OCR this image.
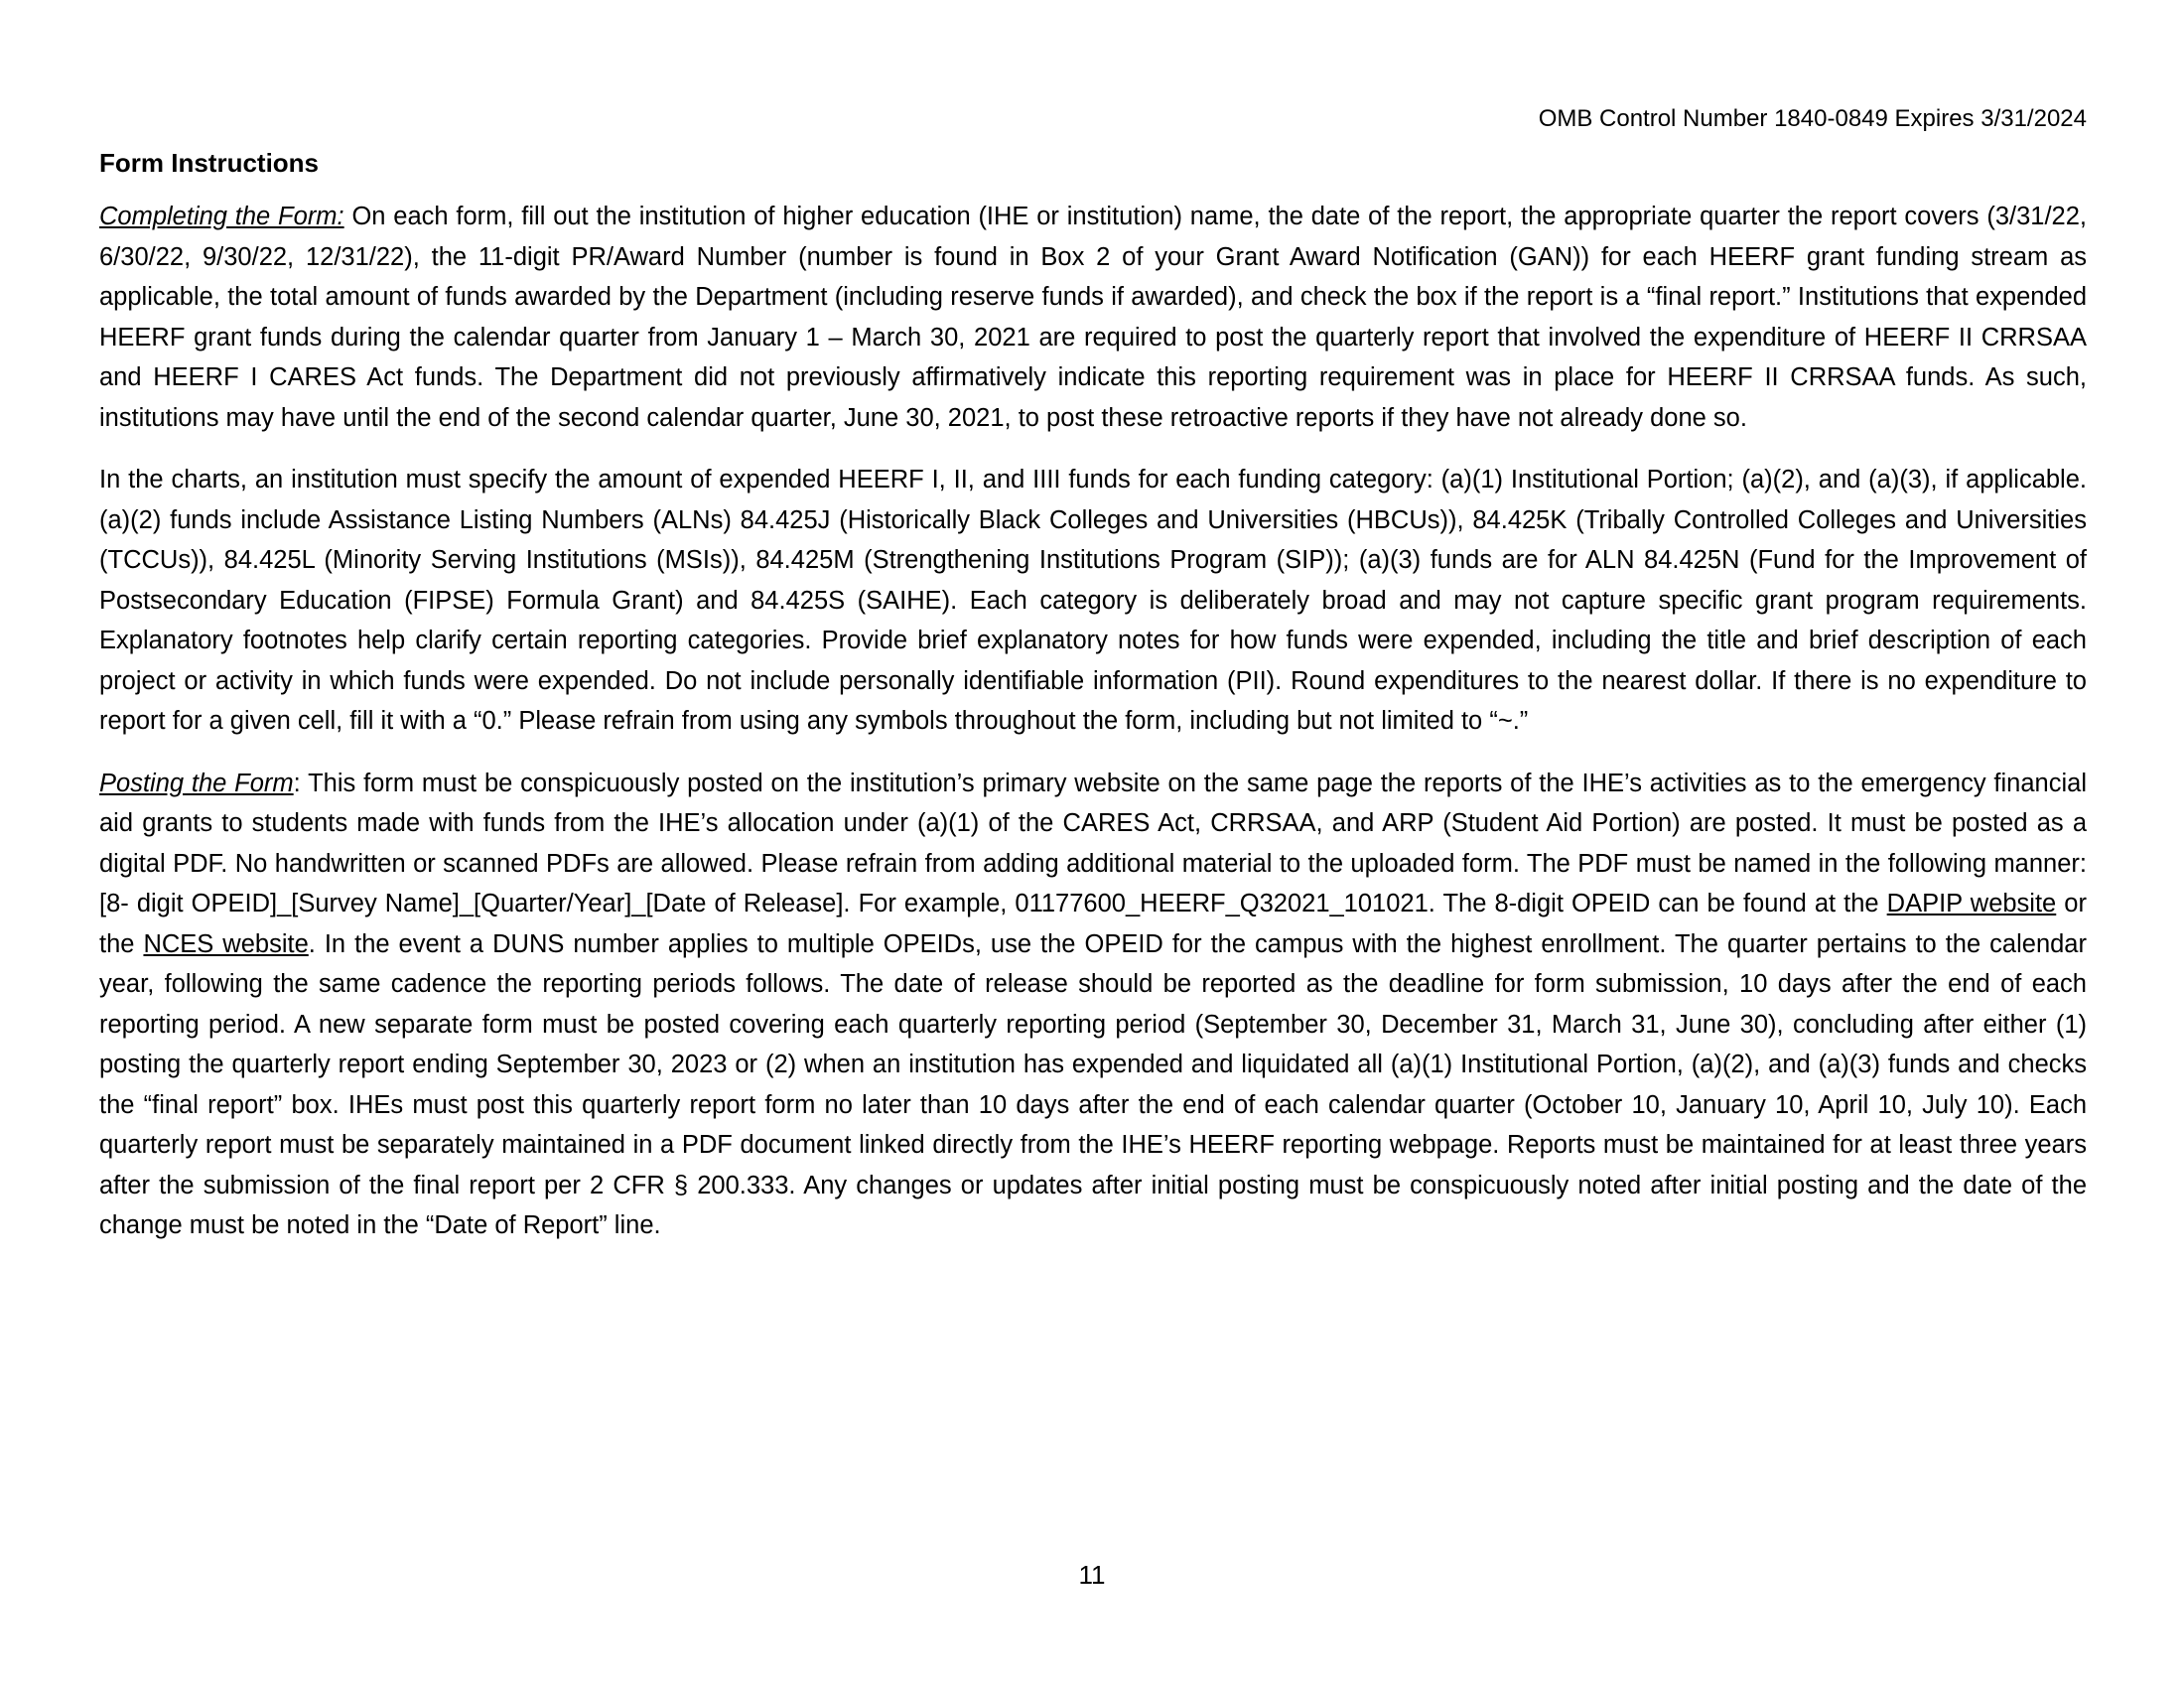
OMB Control Number 1840-0849 Expires 3/31/2024
Form Instructions

Completing the Form: On each form, fill out the institution of higher education (IHE or institution) name, the date of the report, the appropriate quarter the report covers (3/31/22, 6/30/22, 9/30/22, 12/31/22), the 11-digit PR/Award Number (number is found in Box 2 of your Grant Award Notification (GAN)) for each HEERF grant funding stream as applicable, the total amount of funds awarded by the Department (including reserve funds if awarded), and check the box if the report is a “final report.” Institutions that expended HEERF grant funds during the calendar quarter from January 1 – March 30, 2021 are required to post the quarterly report that involved the expenditure of HEERF II CRRSAA and HEERF I CARES Act funds. The Department did not previously affirmatively indicate this reporting requirement was in place for HEERF II CRRSAA funds. As such, institutions may have until the end of the second calendar quarter, June 30, 2021, to post these retroactive reports if they have not already done so.

In the charts, an institution must specify the amount of expended HEERF I, II, and IIII funds for each funding category: (a)(1) Institutional Portion; (a)(2), and (a)(3), if applicable. (a)(2) funds include Assistance Listing Numbers (ALNs) 84.425J (Historically Black Colleges and Universities (HBCUs)), 84.425K (Tribally Controlled Colleges and Universities (TCCUs)), 84.425L (Minority Serving Institutions (MSIs)), 84.425M (Strengthening Institutions Program (SIP)); (a)(3) funds are for ALN 84.425N (Fund for the Improvement of Postsecondary Education (FIPSE) Formula Grant) and 84.425S (SAIHE). Each category is deliberately broad and may not capture specific grant program requirements. Explanatory footnotes help clarify certain reporting categories. Provide brief explanatory notes for how funds were expended, including the title and brief description of each project or activity in which funds were expended. Do not include personally identifiable information (PII). Round expenditures to the nearest dollar. If there is no expenditure to report for a given cell, fill it with a “0.” Please refrain from using any symbols throughout the form, including but not limited to “~.”

Posting the Form: This form must be conspicuously posted on the institution’s primary website on the same page the reports of the IHE’s activities as to the emergency financial aid grants to students made with funds from the IHE’s allocation under (a)(1) of the CARES Act, CRRSAA, and ARP (Student Aid Portion) are posted. It must be posted as a digital PDF. No handwritten or scanned PDFs are allowed. Please refrain from adding additional material to the uploaded form. The PDF must be named in the following manner: [8- digit OPEID]_[Survey Name]_[Quarter/Year]_[Date of Release]. For example, 01177600_HEERF_Q32021_101021. The 8-digit OPEID can be found at the DAPIP website or the NCES website. In the event a DUNS number applies to multiple OPEIDs, use the OPEID for the campus with the highest enrollment. The quarter pertains to the calendar year, following the same cadence the reporting periods follows. The date of release should be reported as the deadline for form submission, 10 days after the end of each reporting period. A new separate form must be posted covering each quarterly reporting period (September 30, December 31, March 31, June 30), concluding after either (1) posting the quarterly report ending September 30, 2023 or (2) when an institution has expended and liquidated all (a)(1) Institutional Portion, (a)(2), and (a)(3) funds and checks the “final report” box. IHEs must post this quarterly report form no later than 10 days after the end of each calendar quarter (October 10, January 10, April 10, July 10). Each quarterly report must be separately maintained in a PDF document linked directly from the IHE’s HEERF reporting webpage. Reports must be maintained for at least three years after the submission of the final report per 2 CFR § 200.333. Any changes or updates after initial posting must be conspicuously noted after initial posting and the date of the change must be noted in the “Date of Report” line.

11
